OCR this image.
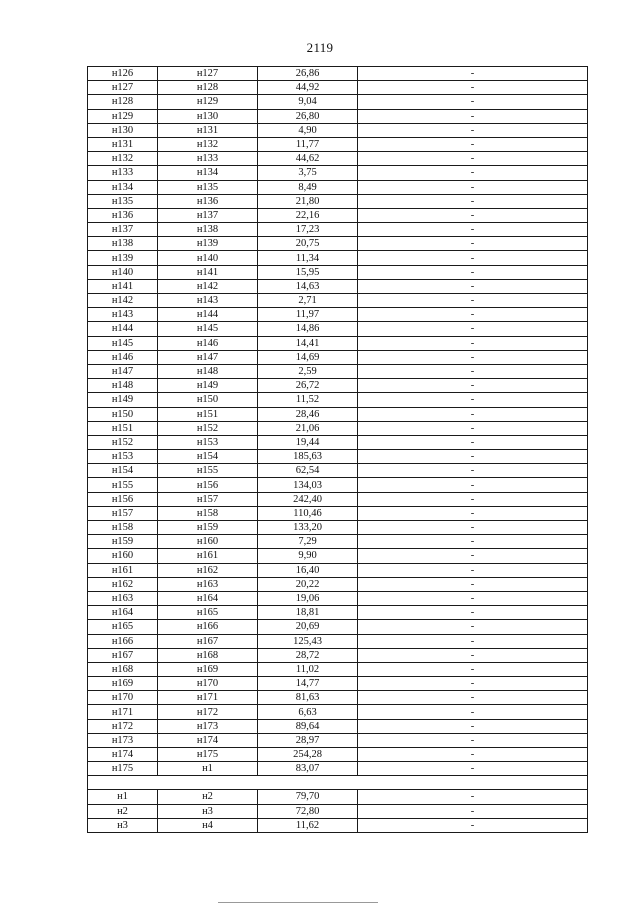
2119
н126	н127	26,86	-
н127	н128	44,92	-
н128	н129	9,04	-
н129	н130	26,80	-
н130	н131	4,90	-
н131	н132	11,77	-
н132	н133	44,62	-
н133	н134	3,75	-
н134	н135	8,49	-
н135	н136	21,80	-
н136	н137	22,16	-
н137	н138	17,23	-
н138	н139	20,75	-
н139	н140	11,34	-
н140	н141	15,95	-
н141	н142	14,63	-
н142	н143	2,71	-
н143	н144	11,97	-
н144	н145	14,86	-
н145	н146	14,41	-
н146	н147	14,69	-
н147	н148	2,59	-
н148	н149	26,72	-
н149	н150	11,52	-
н150	н151	28,46	-
н151	н152	21,06	-
н152	н153	19,44	-
н153	н154	185,63	-
н154	н155	62,54	-
н155	н156	134,03	-
н156	н157	242,40	-
н157	н158	110,46	-
н158	н159	133,20	-
н159	н160	7,29	-
н160	н161	9,90	-
н161	н162	16,40	-
н162	н163	20,22	-
н163	н164	19,06	-
н164	н165	18,81	-
н165	н166	20,69	-
н166	н167	125,43	-
н167	н168	28,72	-
н168	н169	11,02	-
н169	н170	14,77	-
н170	н171	81,63	-
н171	н172	6,63	-
н172	н173	89,64	-
н173	н174	28,97	-
н174	н175	254,28	-
н175	н1	83,07	-

н1	н2	79,70	-
н2	н3	72,80	-
н3	н4	11,62	-
